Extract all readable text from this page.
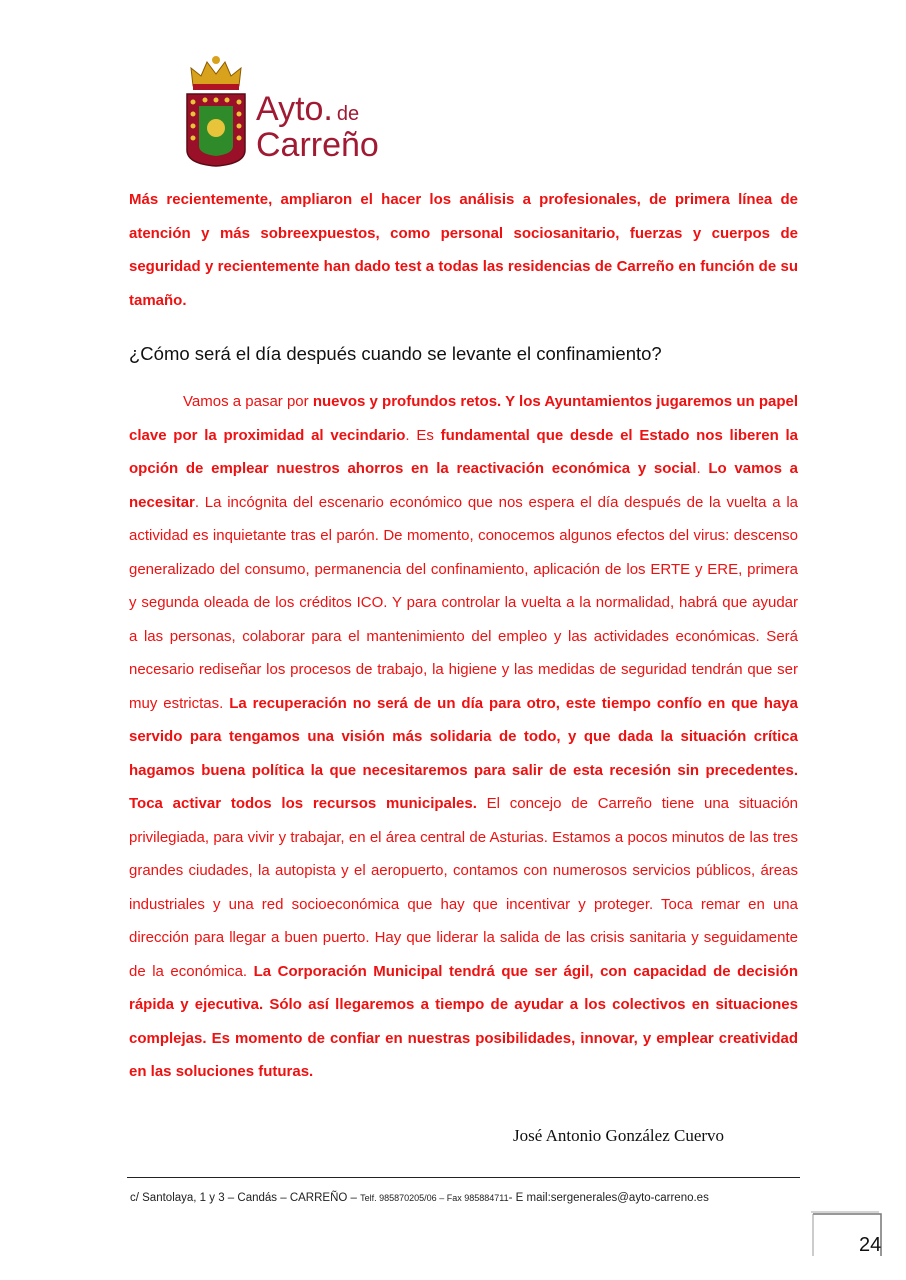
Ayto. de
Carreño

Más recientemente, ampliaron el hacer los análisis a profesionales, de primera línea de atención y más sobreexpuestos, como personal sociosanitario, fuerzas y cuerpos de seguridad y recientemente han dado test a todas las residencias de Carreño en función de su tamaño.

¿Cómo será el día después cuando se levante el confinamiento?

Vamos a pasar por nuevos y profundos retos. Y los Ayuntamientos jugaremos un papel clave por la proximidad al vecindario. Es fundamental que desde el Estado nos liberen la opción de emplear nuestros ahorros en la reactivación económica y social. Lo vamos a necesitar. La incógnita del escenario económico que nos espera el día después de la vuelta a la actividad es inquietante tras el parón. De momento, conocemos algunos efectos del virus: descenso generalizado del consumo, permanencia del confinamiento, aplicación de los ERTE y ERE, primera y segunda oleada de los créditos ICO. Y para controlar la vuelta a la normalidad, habrá que ayudar a las personas, colaborar para el mantenimiento del empleo y las actividades económicas. Será necesario rediseñar los procesos de trabajo, la higiene y las medidas de seguridad tendrán que ser muy estrictas. La recuperación no será de un día para otro, este tiempo confío en que haya servido para tengamos una visión más solidaria de todo, y que dada la situación crítica hagamos buena política la que necesitaremos para salir de esta recesión sin precedentes. Toca activar todos los recursos municipales. El concejo de Carreño tiene una situación privilegiada, para vivir y trabajar, en el área central de Asturias. Estamos a pocos minutos de las tres grandes ciudades, la autopista y el aeropuerto, contamos con numerosos servicios públicos, áreas industriales y una red socioeconómica que hay que incentivar y proteger. Toca remar en una dirección para llegar a buen puerto. Hay que liderar la salida de las crisis sanitaria y seguidamente de la económica. La Corporación Municipal tendrá que ser ágil, con capacidad de decisión rápida y ejecutiva. Sólo así llegaremos a tiempo de ayudar a los colectivos en situaciones complejas. Es momento de confiar en nuestras posibilidades, innovar, y emplear creatividad en las soluciones futuras.

José Antonio González Cuervo
c/ Santolaya, 1 y 3 – Candás – CARREÑO – Telf. 985870205/06 – Fax 985884711- E mail:sergenerales@ayto-carreno.es
24
